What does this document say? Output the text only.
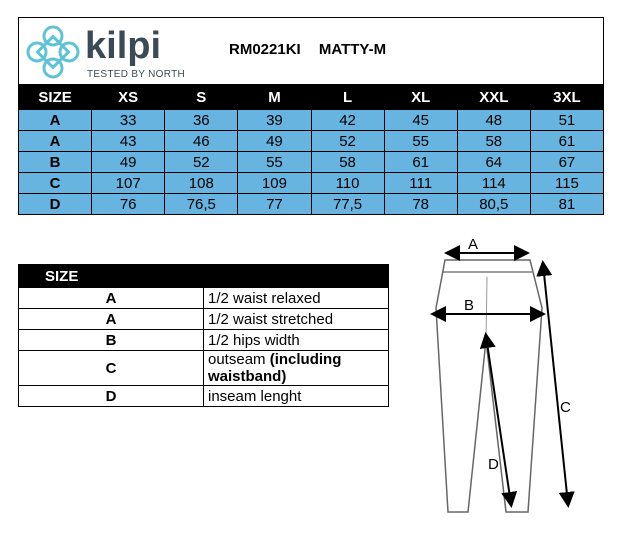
kilpi
TESTED BY NORTH
RM0221KI MATTY-M
SIZE	XS	S	M	L	XL	XXL	3XL
A	33	36	39	42	45	48	51
A	43	46	49	52	55	58	61
B	49	52	55	58	61	64	67
C	107	108	109	110	111	114	115
D	76	76,5	77	77,5	78	80,5	81
SIZE	
A	1/2 waist relaxed
A	1/2 waist stretched
B	1/2 hips width
C	outseam (including waistband)
D	inseam lenght
A
B
C
D
